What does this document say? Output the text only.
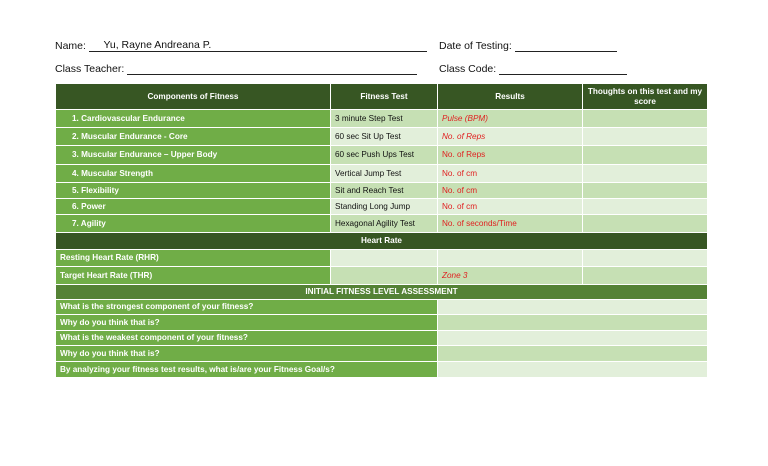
Name: Yu, Rayne Andreana P.	Date of Testing:
Class Teacher:	Class Code:
Components of Fitness	Fitness Test	Results	Thoughts on this test and my score
1. Cardiovascular Endurance	3 minute Step Test	Pulse (BPM)	
2. Muscular Endurance - Core	60 sec Sit Up Test	No. of Reps	
3. Muscular Endurance – Upper Body	60 sec Push Ups Test	No. of Reps	
4. Muscular Strength	Vertical Jump Test	No. of cm	
5. Flexibility	Sit and Reach Test	No. of cm	
6. Power	Standing Long Jump	No. of cm	
7. Agility	Hexagonal Agility Test	No. of seconds/Time	
Heart Rate			
Resting Heart Rate (RHR)			
Target Heart Rate (THR)		Zone 3	
INITIAL FITNESS LEVEL ASSESSMENT			
What is the strongest component of your fitness?			
Why do you think that is?			
What is the weakest component of your fitness?			
Why do you think that is?			
By analyzing your fitness test results, what is/are your Fitness Goal/s?			
